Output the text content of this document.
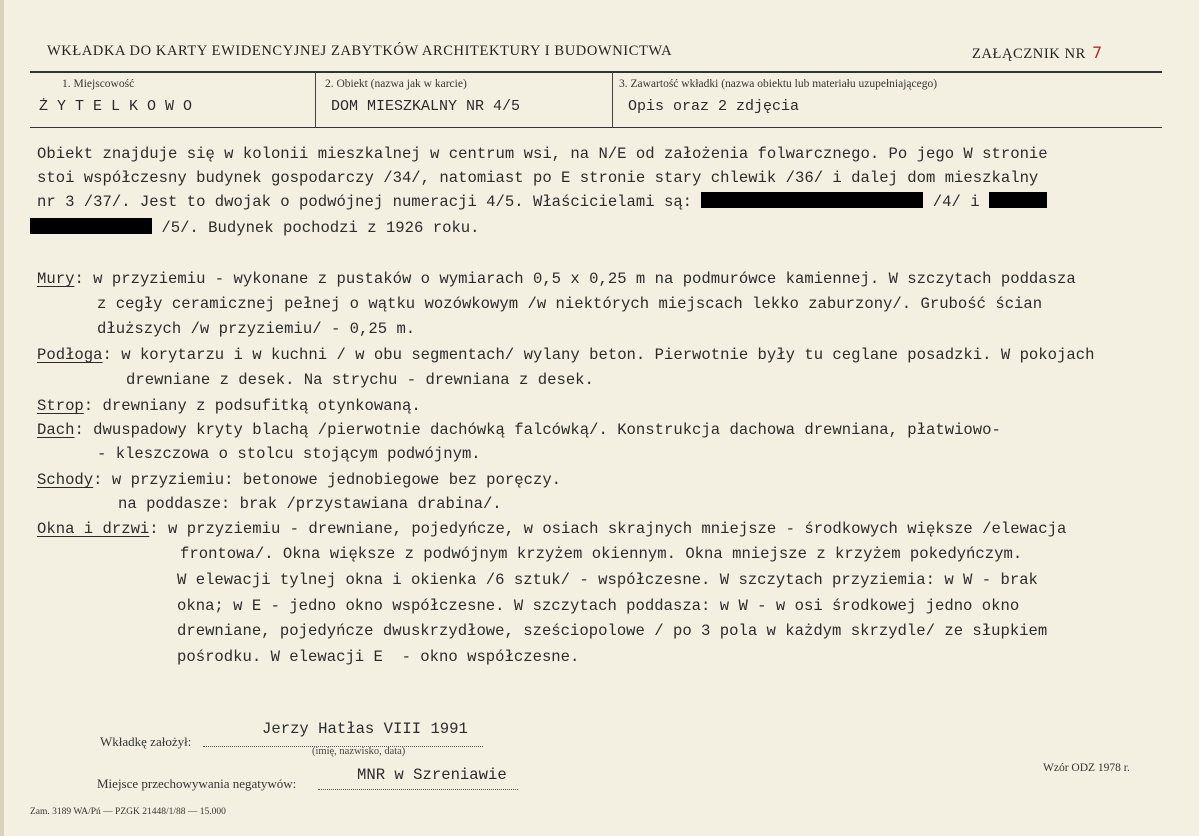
WKŁADKA DO KARTY EWIDENCYJNEJ ZABYTKÓW ARCHITEKTURY I BUDOWNICTWA	ZAŁĄCZNIK NR 7
1. Miejscowość
Ż Y T E L K O W O
2. Obiekt (nazwa jak w karcie)
DOM MIESZKALNY NR 4/5
3. Zawartość wkładki (nazwa obiektu lub materiału uzupełniającego)
Opis oraz 2 zdjęcia
Obiekt znajduje się w kolonii mieszkalnej w centrum wsi, na N/E od założenia folwarcznego. Po jego W stronie
stoi współczesny budynek gospodarczy /34/, natomiast po E stronie stary chlewik /36/ i dalej dom mieszkalny
nr 3 /37/. Jest to dwojak o podwójnej numeracji 4/5. Właścicielami są:	/4/ i
/5/. Budynek pochodzi z 1926 roku.
Mury: w przyziemiu - wykonane z pustaków o wymiarach 0,5 x 0,25 m na podmurówce kamiennej. W szczytach poddasza
z cegły ceramicznej pełnej o wątku wozówkowym /w niektórych miejscach lekko zaburzony/. Grubość ścian
dłuższych /w przyziemiu/ - 0,25 m.
Podłoga: w korytarzu i w kuchni / w obu segmentach/ wylany beton. Pierwotnie były tu ceglane posadzki. W pokojach
drewniane z desek. Na strychu - drewniana z desek.
Strop: drewniany z podsufitką otynkowaną.
Dach: dwuspadowy kryty blachą /pierwotnie dachówką falcówką/. Konstrukcja dachowa drewniana, płatwiowo-
- kleszczowa o stolcu stojącym podwójnym.
Schody: w przyziemiu: betonowe jednobiegowe bez poręczy.
na poddasze: brak /przystawiana drabina/.
Okna i drzwi: w przyziemiu - drewniane, pojedyńcze, w osiach skrajnych mniejsze - środkowych większe /elewacja
frontowa/. Okna większe z podwójnym krzyżem okiennym. Okna mniejsze z krzyżem pokedyńczym.
W elewacji tylnej okna i okienka /6 sztuk/ - współczesne. W szczytach przyziemia: w W - brak
okna; w E - jedno okno współczesne. W szczytach poddasza: w W - w osi środkowej jedno okno
drewniane, pojedyńcze dwuskrzydłowe, sześciopolowe / po 3 pola w każdym skrzydle/ ze słupkiem
pośrodku. W elewacji E  - okno współczesne.
Wkładkę założył:
Jerzy Hatłas VIII 1991
(imię, nazwisko, data)
Miejsce przechowywania negatywów:	MNR w Szreniawie	Wzór ODZ 1978 r.
Zam. 3189 WA/Pń — PZGK 21448/1/88 — 15.000
